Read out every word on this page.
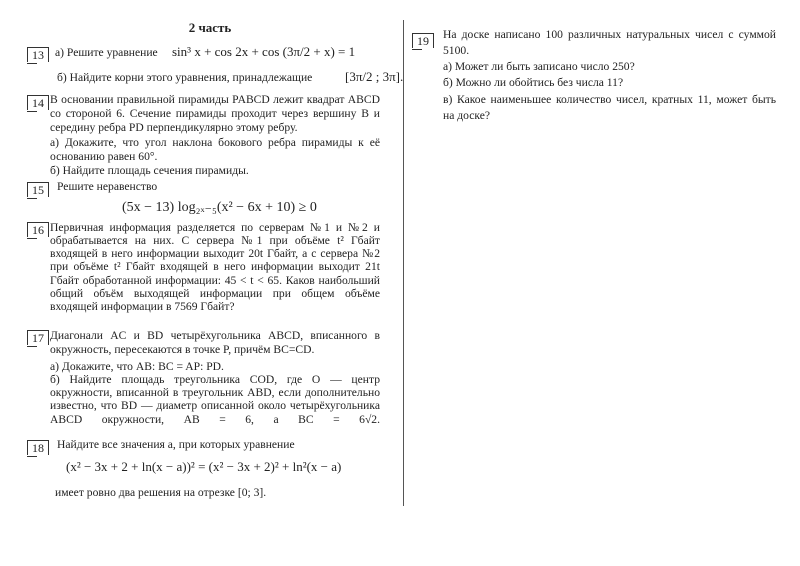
2 часть
13 а) Решите уравнение sin³ x + cos 2x + cos (3π/2 + x) = 1
б) Найдите корни этого уравнения, принадлежащие	[3π/2 ; 3π].
14 В основании правильной пирамиды PABCD лежит квадрат ABCD
со стороной 6. Сечение пирамиды проходит через вершину B и
середину ребра PD перпендикулярно этому ребру.
а) Докажите, что угол наклона бокового ребра пирамиды к её
основанию равен 60°.
б) Найдите площадь сечения пирамиды.
15	Решите неравенство
(5x − 13) log₂ₓ₋₅(x² − 6x + 10) ≥ 0
16 Первичная информация разделяется по серверам №1 и №2 и
обрабатывается на них. С сервера №1 при объёме t² Гбайт
входящей в него информации выходит 20t Гбайт, а с сервера №2
при объёме t² Гбайт входящей в него информации выходит 21t
Гбайт обработанной информации: 45 < t < 65. Каков наибольший
общий объём выходящей информации при общем объёме
входящей информации в 7569 Гбайт?
17 Диагонали AC и BD четырёхугольника ABCD, вписанного в
окружность, пересекаются в точке P, причём BC=CD.
а) Докажите, что AB: BC = AP: PD.
б) Найдите площадь треугольника COD, где O — центр
окружности, вписанной в треугольник ABD, если дополнительно
известно, что BD — диаметр описанной около четырёхугольника
ABCD окружности, AB = 6, а BC = 6√2.
18	Найдите все значения a, при которых уравнение
(x² − 3x + 2 + ln(x − a))² = (x² − 3x + 2)² + ln²(x − a)
имеет ровно два решения на отрезке [0; 3].
19	На доске написано 100 различных натуральных чисел с суммой
5100.
а) Может ли быть записано число 250?
б) Можно ли обойтись без числа 11?
в) Какое наименьшее количество чисел, кратных 11, может быть
на доске?
